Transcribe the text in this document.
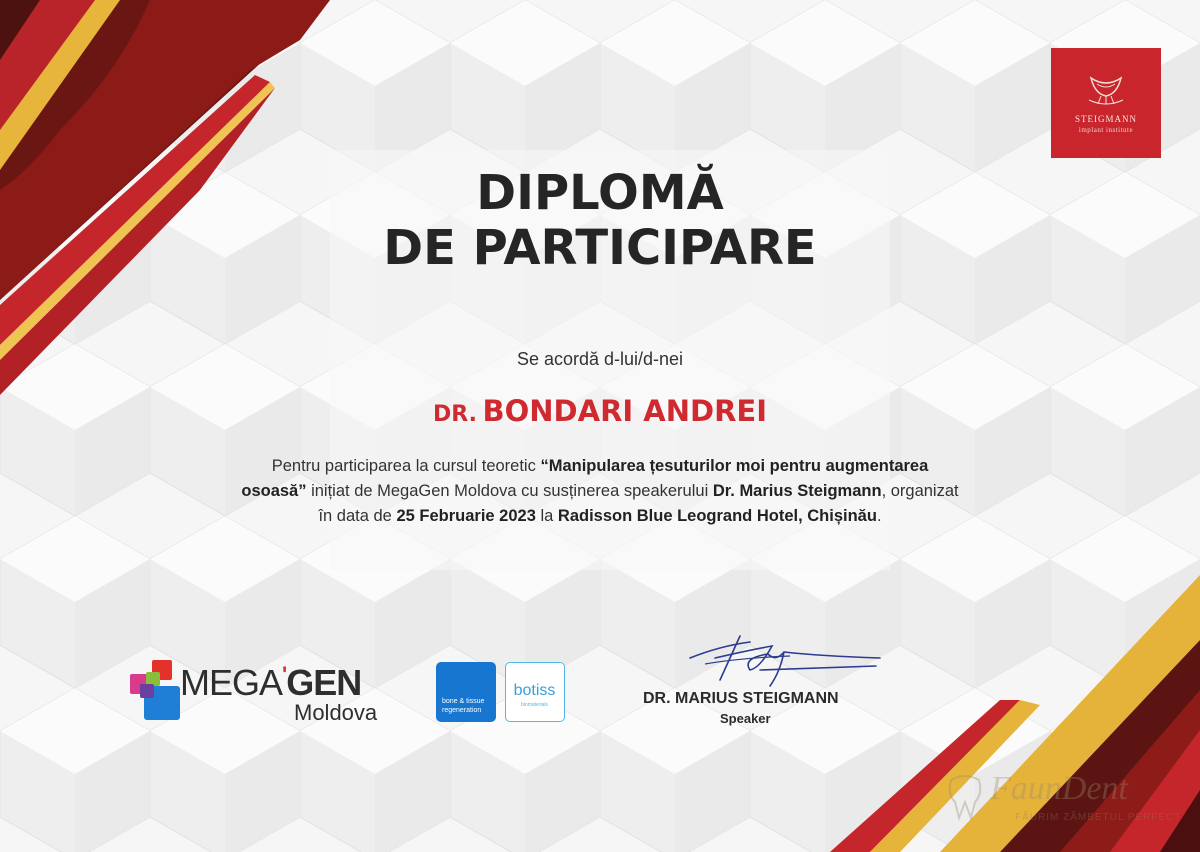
STEIGMANN
implant institute
DIPLOMĂ
DE PARTICIPARE
Se acordă d-lui/d-nei
DR. BONDARI ANDREI
Pentru participarea la cursul teoretic “Manipularea țesuturilor moi pentru augmentarea osoasă” inițiat de MegaGen Moldova cu susținerea speakerului Dr. Marius Steigmann, organizat în data de 25 Februarie 2023 la Radisson Blue Leogrand Hotel, Chișinău.
MEGA'GEN
Moldova	bone & tissue
regeneration
botiss
biomaterials	DR. MARIUS STEIGMANN
Speaker
FaunDent
FĂURIM ZÂMBETUL PERFECT
